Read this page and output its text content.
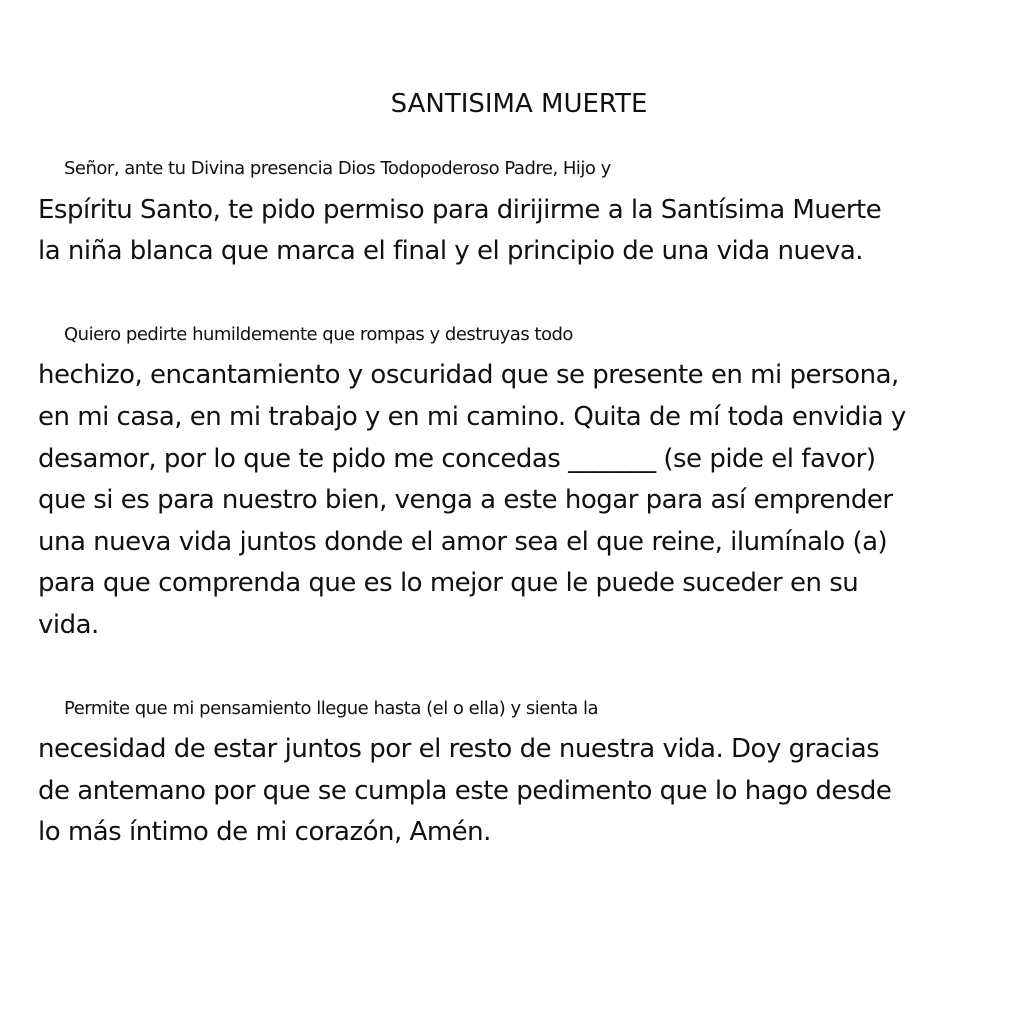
SANTISIMA MUERTE
Señor, ante tu Divina presencia Dios Todopoderoso Padre, Hijo y
Espíritu Santo, te pido permiso para dirijirme a la Santísima Muerte
la niña blanca que marca el final y el principio de una vida nueva.
Quiero pedirte humildemente que rompas y destruyas todo
hechizo, encantamiento y oscuridad que se presente en mi persona,
en mi casa, en mi trabajo y en mi camino. Quita de mí toda envidia y
desamor, por lo que te pido me concedas _______ (se pide el favor)
que si es para nuestro bien, venga a este hogar para así emprender
una nueva vida juntos donde el amor sea el que reine, ilumínalo (a)
para que comprenda que es lo mejor que le puede suceder en su
vida.
Permite que mi pensamiento llegue hasta (el o ella) y sienta la
necesidad de estar juntos por el resto de nuestra vida. Doy gracias
de antemano por que se cumpla este pedimento que lo hago desde
lo más íntimo de mi corazón, Amén.
